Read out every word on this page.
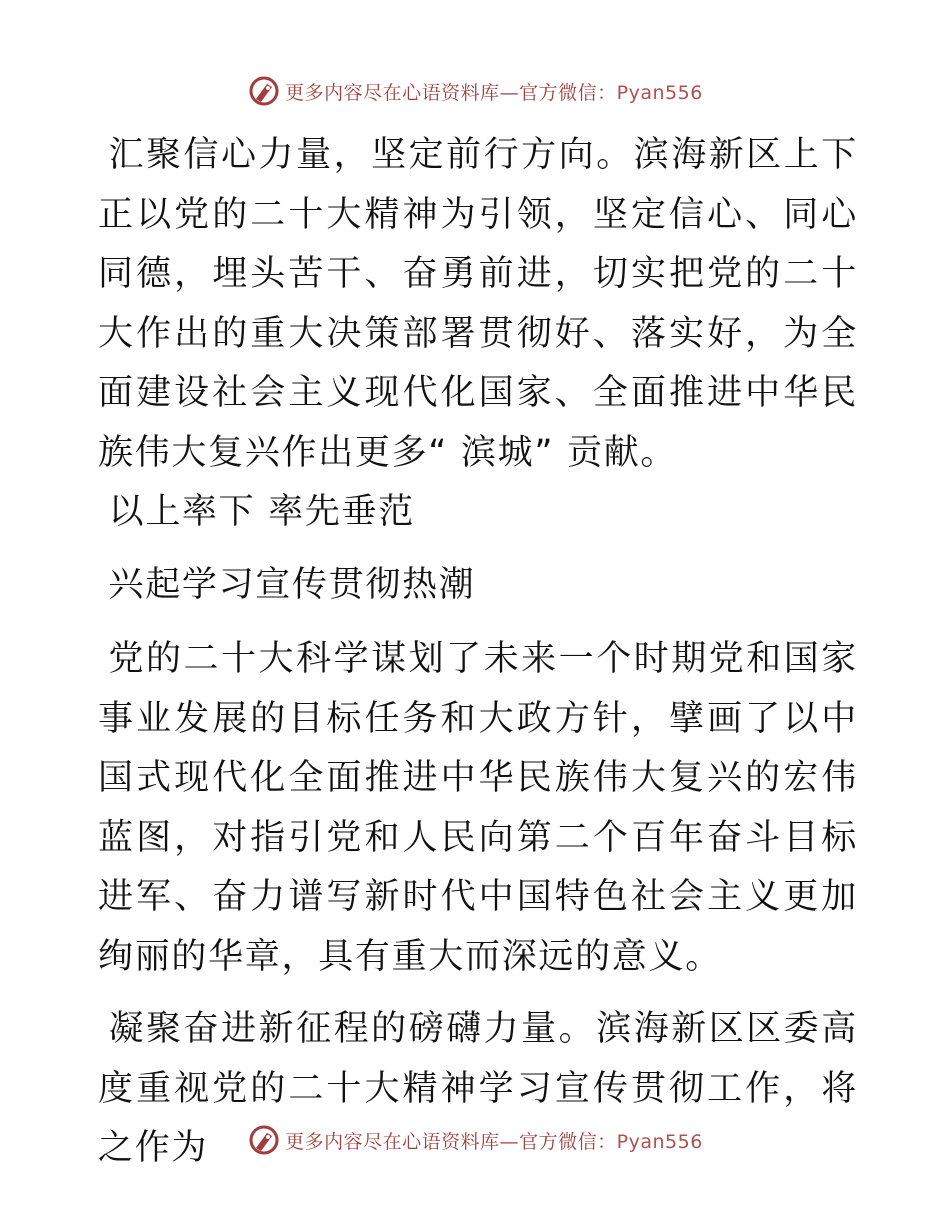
更多内容尽在心语资料库—官方微信：Pyan556

汇聚信心力量，坚定前行方向。滨海新区上下正以党的二十大精神为引领，坚定信心、同心同德，埋头苦干、奋勇前进，切实把党的二十大作出的重大决策部署贯彻好、落实好，为全面建设社会主义现代化国家、全面推进中华民族伟大复兴作出更多“ 滨城” 贡献。

以上率下 率先垂范

兴起学习宣传贯彻热潮

党的二十大科学谋划了未来一个时期党和国家事业发展的目标任务和大政方针，擘画了以中国式现代化全面推进中华民族伟大复兴的宏伟蓝图，对指引党和人民向第二个百年奋斗目标进军、奋力谱写新时代中国特色社会主义更加绚丽的华章，具有重大而深远的意义。

凝聚奋进新征程的磅礴力量。滨海新区区委高度重视党的二十大精神学习宣传贯彻工作，将之作为	更多内容尽在心语资料库—官方微信：Pyan556
